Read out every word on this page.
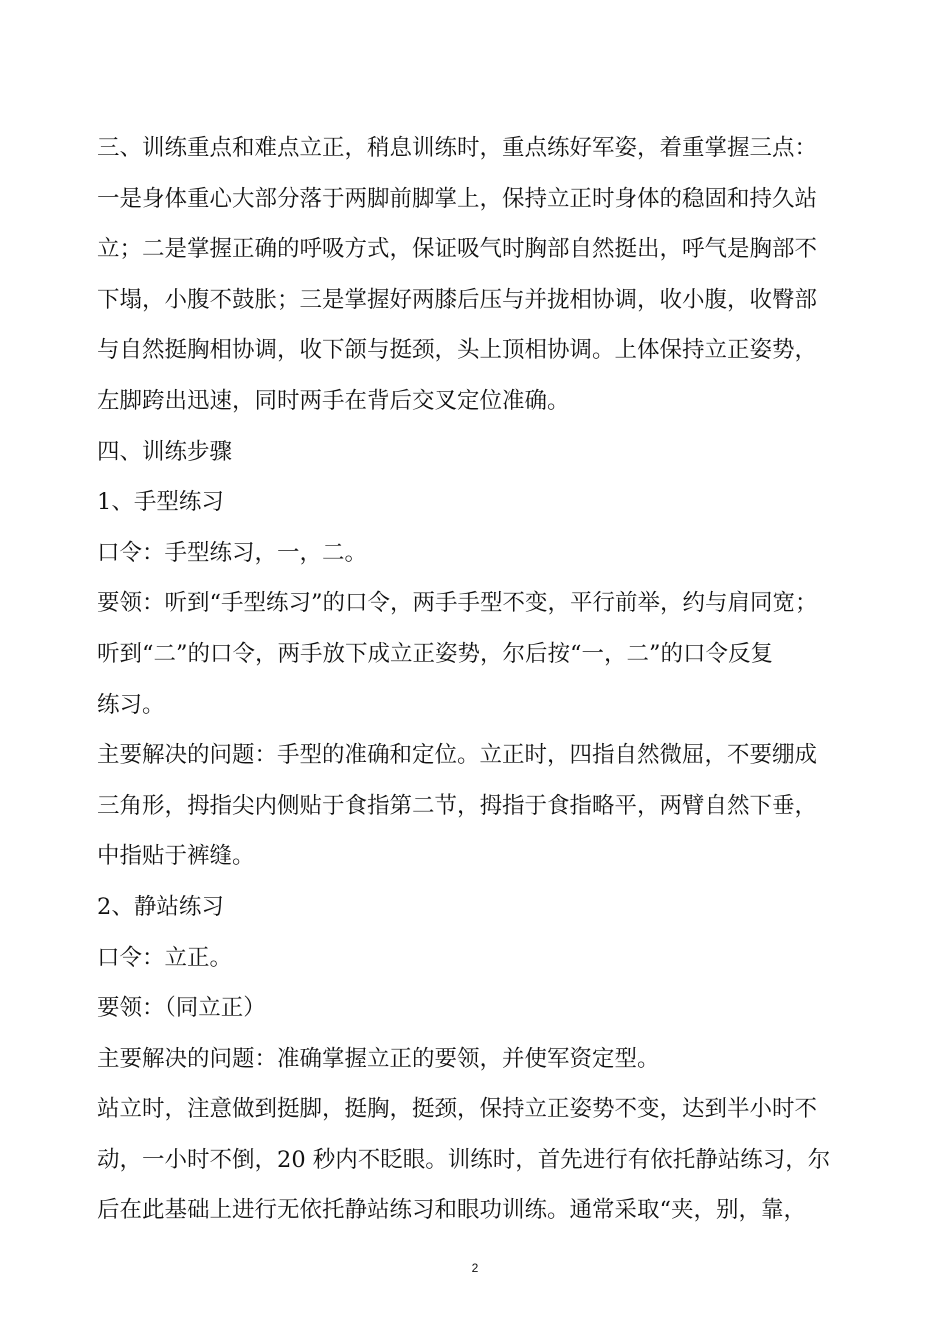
三、训练重点和难点立正，稍息训练时，重点练好军姿，着重掌握三点：
一是身体重心大部分落于两脚前脚掌上，保持立正时身体的稳固和持久站
立；二是掌握正确的呼吸方式，保证吸气时胸部自然挺出，呼气是胸部不
下塌，小腹不鼓胀；三是掌握好两膝后压与并拢相协调，收小腹，收臀部
与自然挺胸相协调，收下颌与挺颈，头上顶相协调。上体保持立正姿势，
左脚跨出迅速，同时两手在背后交叉定位准确。
四、训练步骤
1、手型练习
口令：手型练习，一，二。
要领：听到“手型练习”的口令，两手手型不变，平行前举，约与肩同宽；
听到“二”的口令，两手放下成立正姿势，尔后按“一，二”的口令反复
练习。
主要解决的问题：手型的准确和定位。立正时，四指自然微屈，不要绷成
三角形，拇指尖内侧贴于食指第二节，拇指于食指略平，两臂自然下垂，
中指贴于裤缝。
2、静站练习
口令：立正。
要领：（同立正）
主要解决的问题：准确掌握立正的要领，并使军资定型。
站立时，注意做到挺脚，挺胸，挺颈，保持立正姿势不变，达到半小时不
动，一小时不倒，20 秒内不眨眼。训练时，首先进行有依托静站练习，尔
后在此基础上进行无依托静站练习和眼功训练。通常采取“夹，别，靠，
2
